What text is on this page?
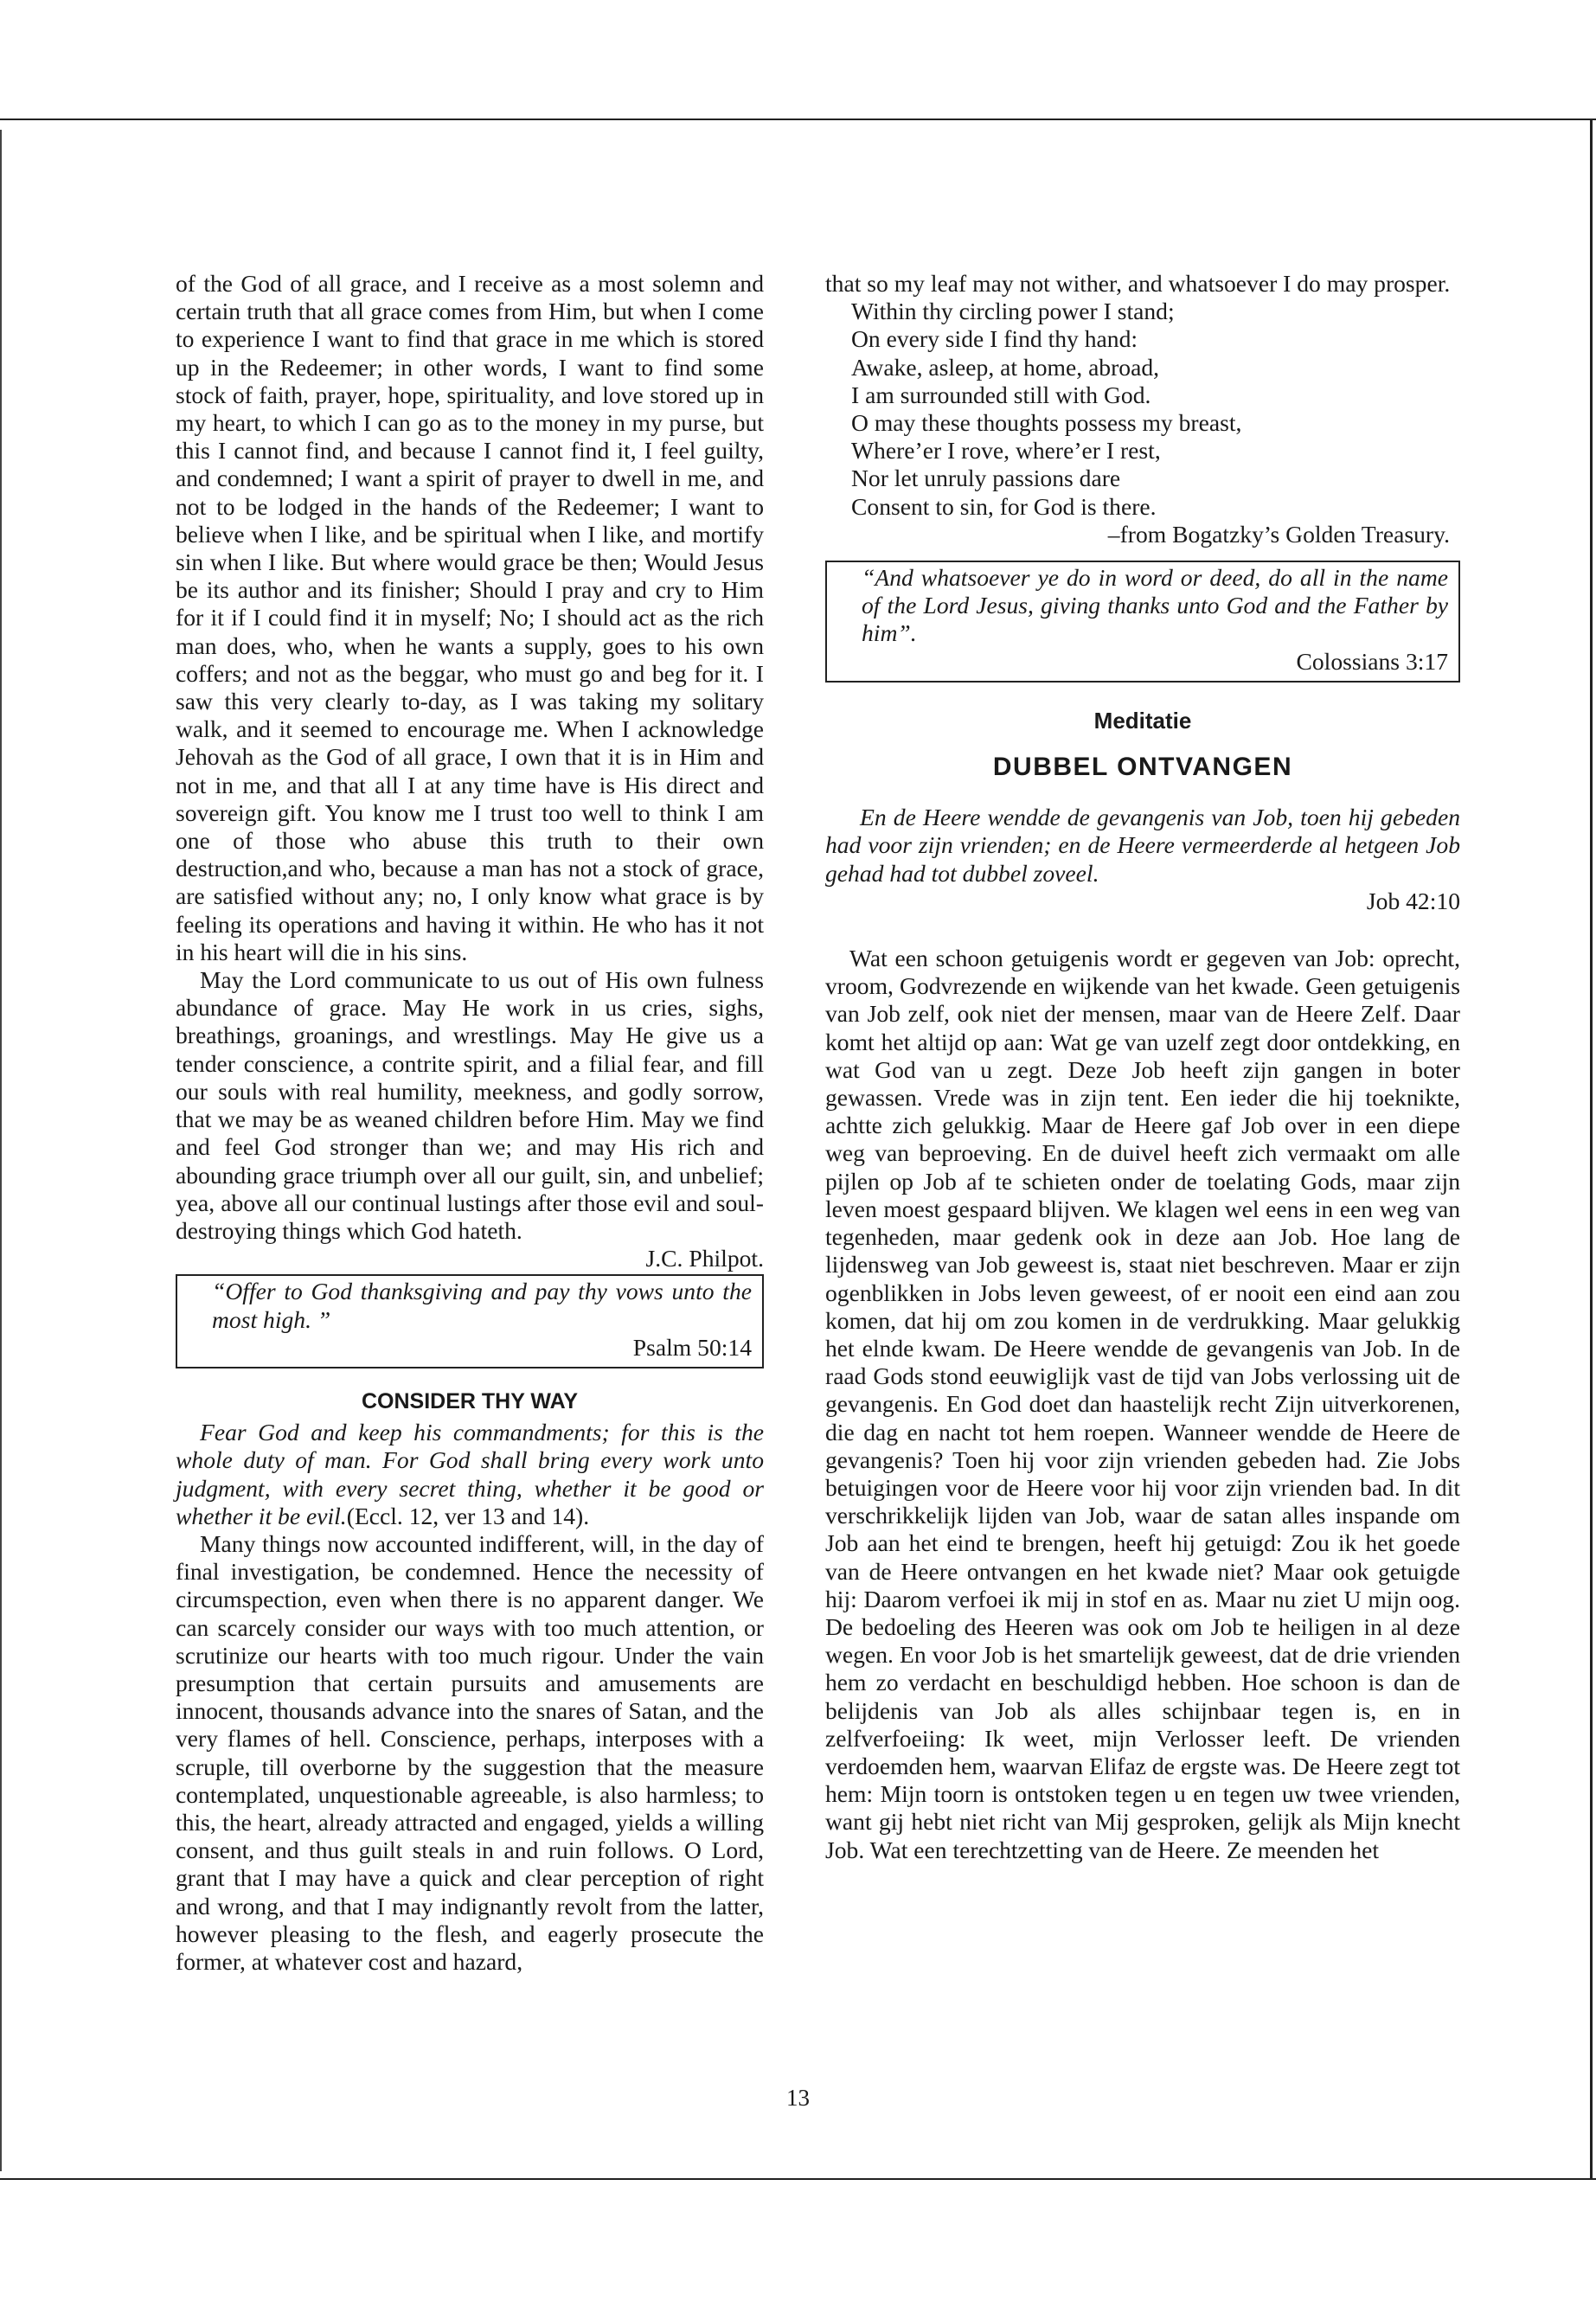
of the God of all grace, and I receive as a most solemn and certain truth that all grace comes from Him, but when I come to experience I want to find that grace in me which is stored up in the Redeemer; in other words, I want to find some stock of faith, prayer, hope, spirituality, and love stored up in my heart, to which I can go as to the money in my purse, but this I cannot find, and because I cannot find it, I feel guilty, and condemned; I want a spirit of prayer to dwell in me, and not to be lodged in the hands of the Redeemer; I want to believe when I like, and be spiritual when I like, and mortify sin when I like. But where would grace be then; Would Jesus be its author and its finisher; Should I pray and cry to Him for it if I could find it in myself; No; I should act as the rich man does, who, when he wants a supply, goes to his own coffers; and not as the beggar, who must go and beg for it. I saw this very clearly to-day, as I was taking my solitary walk, and it seemed to encourage me. When I acknowledge Jehovah as the God of all grace, I own that it is in Him and not in me, and that all I at any time have is His direct and sovereign gift. You know me I trust too well to think I am one of those who abuse this truth to their own destruction,and who, because a man has not a stock of grace, are satisfied without any; no, I only know what grace is by feeling its operations and having it within. He who has it not in his heart will die in his sins.

May the Lord communicate to us out of His own fulness abundance of grace. May He work in us cries, sighs, breathings, groanings, and wrestlings. May He give us a tender conscience, a contrite spirit, and a filial fear, and fill our souls with real humility, meekness, and godly sorrow, that we may be as weaned children before Him. May we find and feel God stronger than we; and may His rich and abounding grace triumph over all our guilt, sin, and unbelief; yea, above all our continual lustings after those evil and soul-destroying things which God hateth.

J.C. Philpot.

“Offer to God thanksgiving and pay thy vows unto the most high. ”

Psalm 50:14

CONSIDER THY WAY

Fear God and keep his commandments; for this is the whole duty of man. For God shall bring every work unto judgment, with every secret thing, whether it be good or whether it be evil.(Eccl. 12, ver 13 and 14).

Many things now accounted indifferent, will, in the day of final investigation, be condemned. Hence the necessity of circumspection, even when there is no apparent danger. We can scarcely consider our ways with too much attention, or scrutinize our hearts with too much rigour. Under the vain presumption that certain pursuits and amusements are innocent, thousands advance into the snares of Satan, and the very flames of hell. Conscience, perhaps, interposes with a scruple, till overborne by the suggestion that the measure contemplated, unquestionable agreeable, is also harmless; to this, the heart, already attracted and engaged, yields a willing consent, and thus guilt steals in and ruin follows. O Lord, grant that I may have a quick and clear perception of right and wrong, and that I may indignantly revolt from the latter, however pleasing to the flesh, and eagerly prosecute the former, at whatever cost and hazard,

that so my leaf may not wither, and whatsoever I do may prosper.

Within thy circling power I stand;
On every side I find thy hand:
Awake, asleep, at home, abroad,
I am surrounded still with God.
O may these thoughts possess my breast,
Where’er I rove, where’er I rest,
Nor let unruly passions dare
Consent to sin, for God is there.

–from Bogatzky’s Golden Treasury.

“And whatsoever ye do in word or deed, do all in the name of the Lord Jesus, giving thanks unto God and the Father by him”.

Colossians 3:17

Meditatie
DUBBEL ONTVANGEN

En de Heere wendde de gevangenis van Job, toen hij gebeden had voor zijn vrienden; en de Heere vermeerderde al hetgeen Job gehad had tot dubbel zoveel.

Job 42:10

Wat een schoon getuigenis wordt er gegeven van Job: oprecht, vroom, Godvrezende en wijkende van het kwade. Geen getuigenis van Job zelf, ook niet der mensen, maar van de Heere Zelf. Daar komt het altijd op aan: Wat ge van uzelf zegt door ontdekking, en wat God van u zegt. Deze Job heeft zijn gangen in boter gewassen. Vrede was in zijn tent. Een ieder die hij toeknikte, achtte zich gelukkig. Maar de Heere gaf Job over in een diepe weg van beproeving. En de duivel heeft zich vermaakt om alle pijlen op Job af te schieten onder de toelating Gods, maar zijn leven moest gespaard blijven. We klagen wel eens in een weg van tegenheden, maar gedenk ook in deze aan Job. Hoe lang de lijdensweg van Job geweest is, staat niet beschreven. Maar er zijn ogenblikken in Jobs leven geweest, of er nooit een eind aan zou komen, dat hij om zou komen in de verdrukking. Maar gelukkig het elnde kwam. De Heere wendde de gevangenis van Job. In de raad Gods stond eeuwiglijk vast de tijd van Jobs verlossing uit de gevangenis. En God doet dan haastelijk recht Zijn uitverkorenen, die dag en nacht tot hem roepen. Wanneer wendde de Heere de gevangenis? Toen hij voor zijn vrienden gebeden had. Zie Jobs betuigingen voor de Heere voor hij voor zijn vrienden bad. In dit verschrikkelijk lijden van Job, waar de satan alles inspande om Job aan het eind te brengen, heeft hij getuigd: Zou ik het goede van de Heere ontvangen en het kwade niet? Maar ook getuigde hij: Daarom verfoei ik mij in stof en as. Maar nu ziet U mijn oog. De bedoeling des Heeren was ook om Job te heiligen in al deze wegen. En voor Job is het smartelijk geweest, dat de drie vrienden hem zo verdacht en beschuldigd hebben. Hoe schoon is dan de belijdenis van Job als alles schijnbaar tegen is, en in zelfverfoeiing: Ik weet, mijn Verlosser leeft. De vrienden verdoemden hem, waarvan Elifaz de ergste was. De Heere zegt tot hem: Mijn toorn is ontstoken tegen u en tegen uw twee vrienden, want gij hebt niet richt van Mij gesproken, gelijk als Mijn knecht Job. Wat een terechtzetting van de Heere. Ze meenden het

13
